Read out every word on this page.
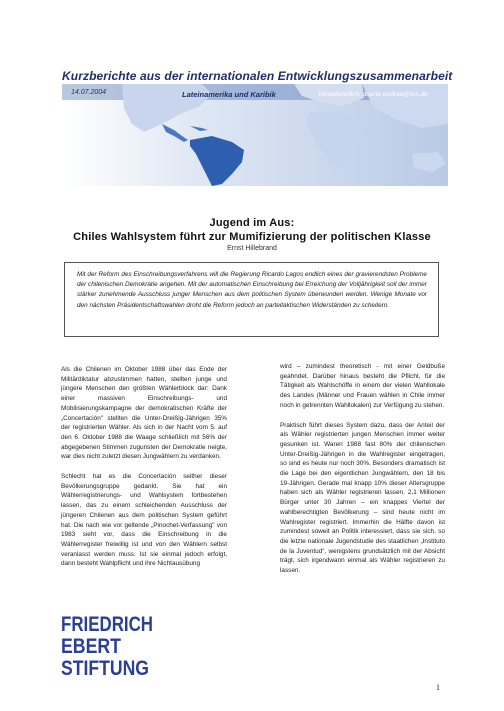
Kurzberichte aus der internationalen Entwicklungszusammenarbeit
14.07.2004	Lateinamerika und Karibik	Verantwortlich: doerte.wollrad@fes.de
Jugend im Aus:
Chiles Wahlsystem führt zur Mumifizierung der politischen Klasse
Ernst Hillebrand

Mit der Reform des Einschreibungsverfahrens will die Regierung Ricardo Lagos endlich eines der gravierendsten Probleme der chilenischen Demokratie angehen. Mit der automatischen Einschreibung bei Erreichung der Volljährigkeit soll der immer stärker zunehmende Ausschluss junger Menschen aus dem politischen System überwunden werden. Wenige Monate vor den nächsten Präsidentschaftswahlen droht die Reform jedoch an parteitaktischen Widerständen zu scheitern.

Als die Chilenen im Oktober 1988 über das Ende der Militärdiktatur abzustimmen hatten, stellten junge und jüngere Menschen den größten Wählerblock dar: Dank einer massiven Einschreibungs- und Mobilisierungskampagne der demokratischen Kräfte der „Concertación" stellten die Unter-Dreißig-Jährigen 35% der registrierten Wähler. Als sich in der Nacht vom 5. auf den 6. Oktober 1988 die Waage schließlich mit 56% der abgegebenen Stimmen zugunsten der Demokratie neigte, war dies nicht zuletzt diesen Jungwählern zu verdanken.

Schlecht hat es die Concertación seither dieser Bevölkerungsgruppe gedankt. Sie hat ein Wählerregistrierungs- und Wahlsystem fortbestehen lassen, das zu einem schleichenden Ausschluss der jüngeren Chilenen aus dem politischen System geführt hat. Die nach wie vor geltende „Pinochet-Verfassung" von 1983 sieht vor, dass die Einschreibung in die Wählerregister freiwillig ist und von den Wählern selbst veranlasst werden muss. Ist sie einmal jedoch erfolgt, dann besteht Wahlpflicht und ihre Nichtausübung

wird – zumindest theoretisch - mit einer Geldbuße geahndet. Darüber hinaus besteht die Pflicht, für die Tätigkeit als Wahlschöffe in einem der vielen Wahllokale des Landes (Männer und Frauen wählen in Chile immer noch in getrennten Wahllokalen) zur Verfügung zu stehen.

Praktisch führt dieses System dazu, dass der Anteil der als Wähler registrierten jungen Menschen immer weiter gesunken ist. Waren 1988 fast 80% der chilenischen Unter-Dreißig-Jährigen in die Wahlregister eingetragen, so sind es heute nur noch 30%. Besonders dramatisch ist die Lage bei den eigentlichen Jungwählern, den 18 bis 19-Jährigen. Gerade mal knapp 10% dieser Altersgruppe haben sich als Wähler registrieren lassen. 2,1 Millionen Bürger unter 30 Jahren – ein knappes Viertel der wahlberechtigten Bevölkerung – sind heute nicht im Wahlregister registriert. Immerhin die Hälfte davon ist zumindest soweit an Politik interessiert, dass sie sich, so die letzte nationale Jugendstudie des staatlichen „Instituto de la Juventud", wenigstens grundsätzlich mit der Absicht trägt, sich irgendwann einmal als Wähler registrieren zu lassen.

FRIEDRICH
EBERT
STIFTUNG
1
